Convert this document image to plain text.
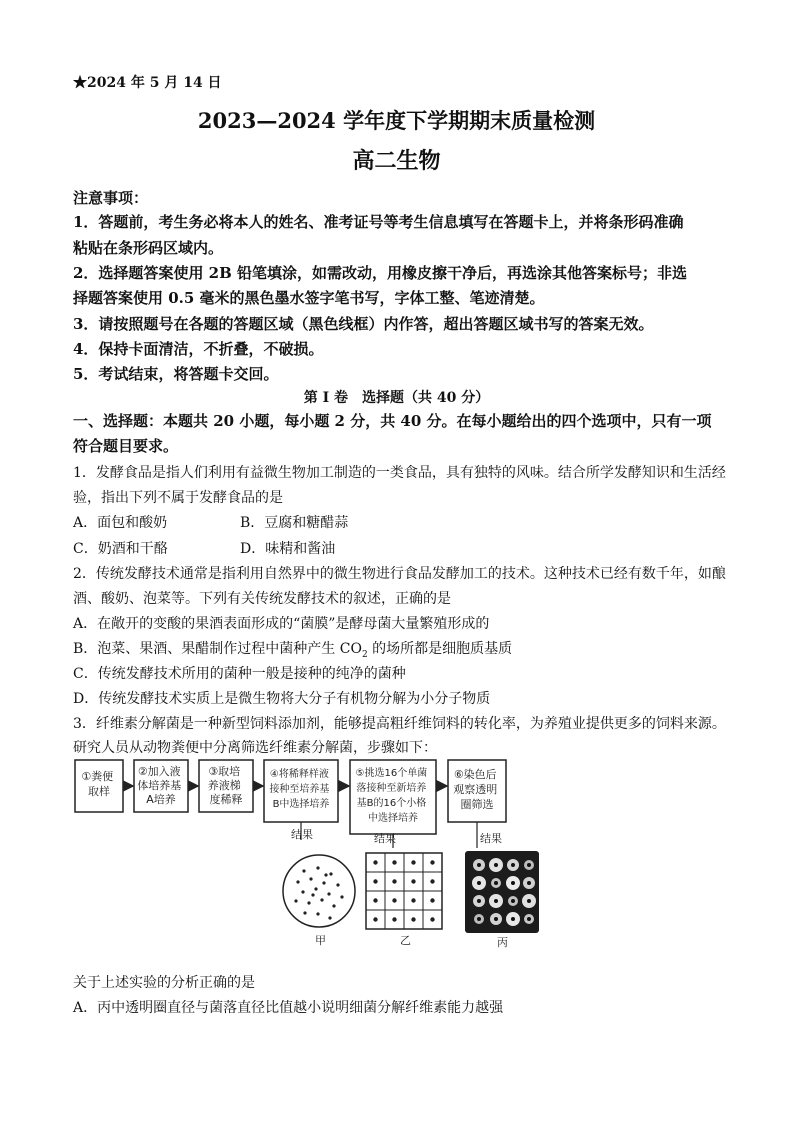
★2024 年 5 月 14 日
2023—2024 学年度下学期期末质量检测
高二生物
注意事项：
1．答题前，考生务必将本人的姓名、准考证号等考生信息填写在答题卡上，并将条形码准确
粘贴在条形码区域内。
2．选择题答案使用 2B 铅笔填涂，如需改动，用橡皮擦干净后，再选涂其他答案标号；非选
择题答案使用 0.5 毫米的黑色墨水签字笔书写，字体工整、笔迹清楚。
3．请按照题号在各题的答题区域（黑色线框）内作答，超出答题区域书写的答案无效。
4．保持卡面清洁，不折叠，不破损。
5．考试结束，将答题卡交回。
第 I 卷　选择题（共 40 分）
一、选择题：本题共 20 小题，每小题 2 分，共 40 分。在每小题给出的四个选项中，只有一项
符合题目要求。
1．发酵食品是指人们利用有益微生物加工制造的一类食品，具有独特的风味。结合所学发酵知识和生活经
验，指出下列不属于发酵食品的是
A．面包和酸奶	B．豆腐和糖醋蒜
C．奶酒和干酪	D．味精和酱油
2．传统发酵技术通常是指利用自然界中的微生物进行食品发酵加工的技术。这种技术已经有数千年，如酿
酒、酸奶、泡菜等。下列有关传统发酵技术的叙述，正确的是
A．在敞开的变酸的果酒表面形成的“菌膜”是酵母菌大量繁殖形成的
B．泡菜、果酒、果醋制作过程中菌种产生 $CO_2$ 的场所都是细胞质基质
C．传统发酵技术所用的菌种一般是接种的纯净的菌种
D．传统发酵技术实质上是微生物将大分子有机物分解为小分子物质
3．纤维素分解菌是一种新型饲料添加剂，能够提高粗纤维饲料的转化率，为养殖业提供更多的饲料来源。
研究人员从动物粪便中分离筛选纤维素分解菌，步骤如下：
①粪便 取样
②加入液 体培养基 A培养
③取培 养液梯 度稀释
④将稀释样液 接种至培养基 B中选择培养
⑤挑选16个单菌 落接种至新培养 基B的16个小格 中选择培养
⑥染色后 观察透明 圈筛选
结果	结果	结果
甲	乙	丙
关于上述实验的分析正确的是
A．丙中透明圈直径与菌落直径比值越小说明细菌分解纤维素能力越强
